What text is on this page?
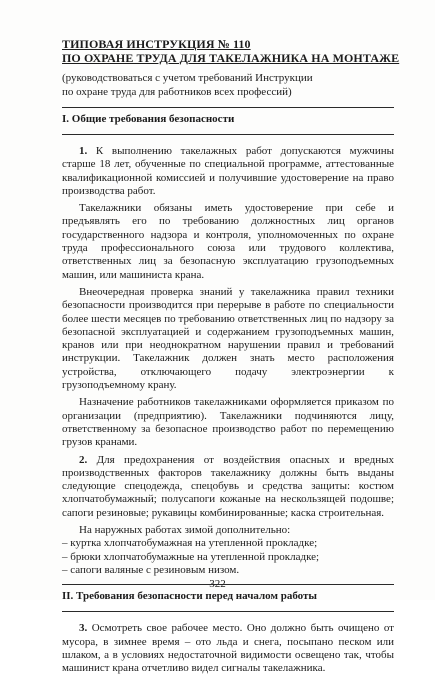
ТИПОВАЯ ИНСТРУКЦИЯ № 110
ПО ОХРАНЕ ТРУДА ДЛЯ ТАКЕЛАЖНИКА НА МОНТАЖЕ
(руководствоваться с учетом требований Инструкции
по охране труда для работников всех профессий)
I. Общие требования безопасности

1. К выполнению такелажных работ допускаются мужчины старше 18 лет, обученные по специальной программе, аттестованные квалификационной комиссией и получившие удостоверение на право производства работ.

Такелажники обязаны иметь удостоверение при себе и предъявлять его по требованию должностных лиц органов государственного надзора и контроля, уполномоченных по охране труда профессионального союза или трудового коллектива, ответственных лиц за безопасную эксплуатацию грузоподъемных машин, или машиниста крана.

Внеочередная проверка знаний у такелажника правил техники безопасности производится при перерыве в работе по специальности более шести месяцев по требованию ответственных лиц по надзору за безопасной эксплуатацией и содержанием грузоподъемных машин, кранов или при неоднократном нарушении правил и требований инструкции. Такелажник должен знать место расположения устройства, отключающего подачу электроэнергии к грузоподъемному крану.

Назначение работников такелажниками оформляется приказом по организации (предприятию). Такелажники подчиняются лицу, ответственному за безопасное производство работ по перемещению грузов кранами.

2. Для предохранения от воздействия опасных и вредных производственных факторов такелажнику должны быть выданы следующие спецодежда, спецобувь и средства защиты: костюм хлопчатобумажный; полусапоги кожаные на нескользящей подошве; сапоги резиновые; рукавицы комбинированные; каска строительная.

На наружных работах зимой дополнительно:

– куртка хлопчатобумажная на утепленной прокладке;
– брюки хлопчатобумажные на утепленной прокладке;
– сапоги валяные с резиновым низом.
II. Требования безопасности перед началом работы

3. Осмотреть свое рабочее место. Оно должно быть очищено от мусора, в зимнее время – ото льда и снега, посыпано песком или шлаком, а в условиях недостаточной видимости освещено так, чтобы машинист крана отчетливо видел сигналы такелажника.

322
